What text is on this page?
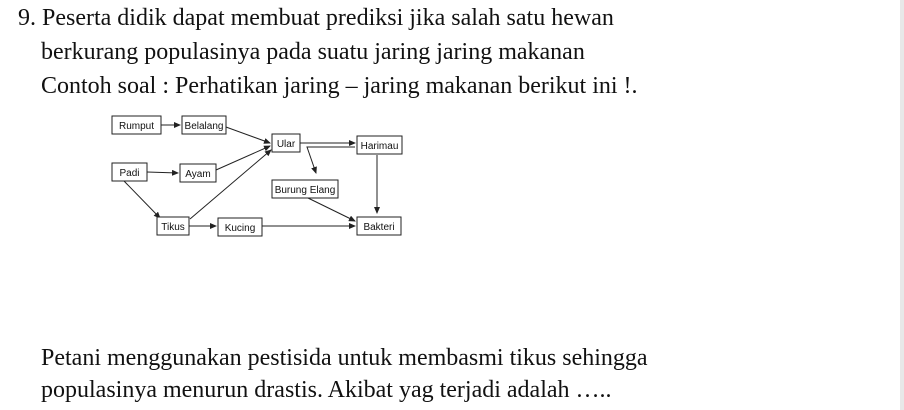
9. Peserta didik dapat membuat prediksi jika salah satu hewan
berkurang populasinya pada suatu jaring jaring makanan
Contoh soal : Perhatikan jaring – jaring makanan berikut ini !.
Rumput	Belalang
Padi	Ayam
Ular	Harimau
Burung Elang
Tikus	Kucing	Bakteri
Petani menggunakan pestisida untuk membasmi tikus sehingga
populasinya menurun drastis. Akibat yag terjadi adalah …..
